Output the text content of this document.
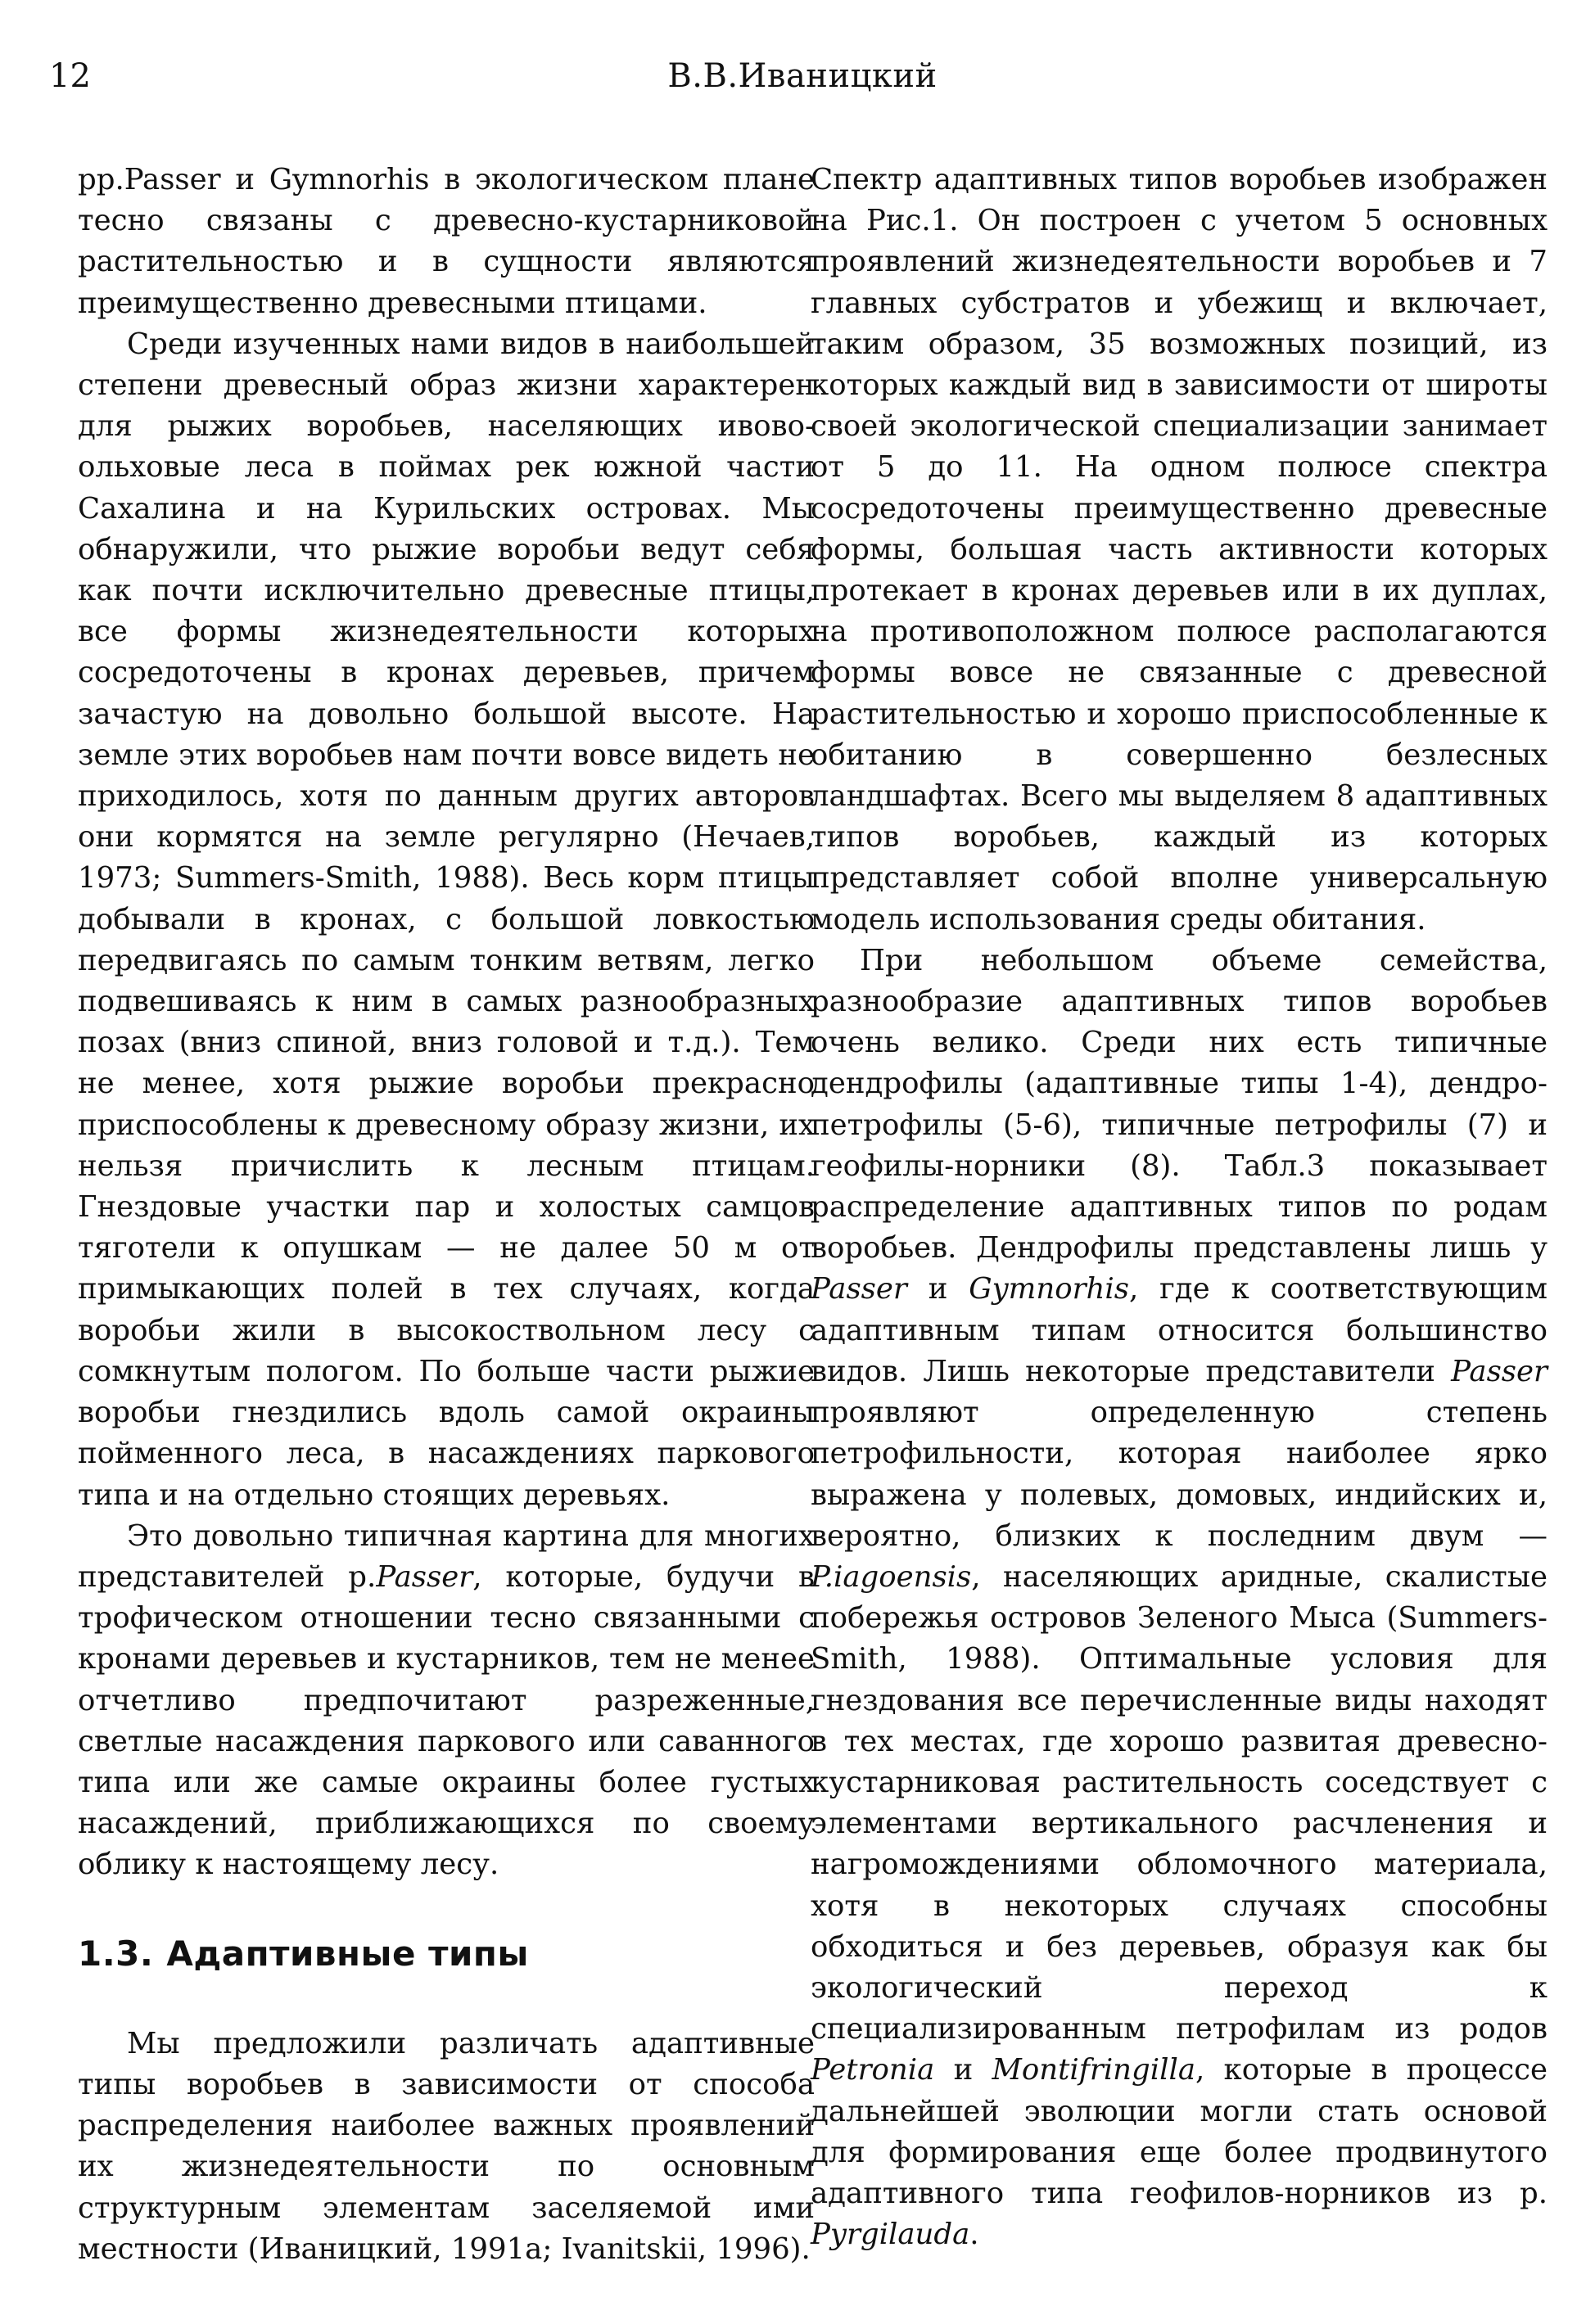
12	В.В.Иваницкий

рр.Passer и Gymnorhis в экологическом плане тесно связаны с древесно-кустарниковой растительностью и в сущности являются преимущественно древесными птицами.

Среди изученных нами видов в наибольшей степени древесный образ жизни характерен для рыжих воробьев, населяющих ивово-ольховые леса в поймах рек южной части Сахалина и на Курильских островах. Мы обнаружили, что рыжие воробьи ведут себя как почти исключительно древесные птицы, все формы жизнедеятельности которых сосредоточены в кронах деревьев, причем зачастую на довольно большой высоте. На земле этих воробьев нам почти вовсе видеть не приходилось, хотя по данным других авторов они кормятся на земле регулярно (Нечаев, 1973; Summers-Smith, 1988). Весь корм птицы добывали в кронах, с большой ловкостью передвигаясь по самым тонким ветвям, легко подвешиваясь к ним в самых разнообразных позах (вниз спиной, вниз головой и т.д.). Тем не менее, хотя рыжие воробьи прекрасно приспособлены к древесному образу жизни, их нельзя причислить к лесным птицам. Гнездовые участки пар и холостых самцов тяготели к опушкам — не далее 50 м от примыкающих полей в тех случаях, когда воробьи жили в высокоствольном лесу с сомкнутым пологом. По больше части рыжие воробьи гнездились вдоль самой окраины пойменного леса, в насаждениях паркового типа и на отдельно стоящих деревьях.

Это довольно типичная картина для многих представителей р.Passer, которые, будучи в трофическом отношении тесно связанными с кронами деревьев и кустарников, тем не менее отчетливо предпочитают разреженные, светлые насаждения паркового или саванного типа или же самые окраины более густых насаждений, приближающихся по своему облику к настоящему лесу.

1.3. Адаптивные типы

Мы предложили различать адаптивные типы воробьев в зависимости от способа распределения наиболее важных проявлений их жизнедеятельности по основным структурным элементам заселяемой ими местности (Иваницкий, 1991а; Ivanitskii, 1996).

Спектр адаптивных типов воробьев изображен на Рис.1. Он построен с учетом 5 основных проявлений жизнедеятельности воробьев и 7 главных субстратов и убежищ и включает, таким образом, 35 возможных позиций, из которых каждый вид в зависимости от широты своей экологической специализации занимает от 5 до 11. На одном полюсе спектра сосредоточены преимущественно древесные формы, большая часть активности которых протекает в кронах деревьев или в их дуплах, на противоположном полюсе располагаются формы вовсе не связанные с древесной растительностью и хорошо приспособленные к обитанию в совершенно безлесных ландшафтах. Всего мы выделяем 8 адаптивных типов воробьев, каждый из которых представляет собой вполне универсальную модель использования среды обитания.

При небольшом объеме семейства, разнообразие адаптивных типов воробьев очень велико. Среди них есть типичные дендрофилы (адаптивные типы 1-4), дендро-петрофилы (5-6), типичные петрофилы (7) и геофилы-норники (8). Табл.3 показывает распределение адаптивных типов по родам воробьев. Дендрофилы представлены лишь у Passer и Gymnorhis, где к соответствующим адаптивным типам относится большинство видов. Лишь некоторые представители Passer проявляют определенную степень петрофильности, которая наиболее ярко выражена у полевых, домовых, индийских и, вероятно, близких к последним двум — P.iagoensis, населяющих аридные, скалистые побережья островов Зеленого Мыса (Summers-Smith, 1988). Оптимальные условия для гнездования все перечисленные виды находят в тех местах, где хорошо развитая древесно-кустарниковая растительность соседствует с элементами вертикального расчленения и нагромождениями обломочного материала, хотя в некоторых случаях способны обходиться и без деревьев, образуя как бы экологический переход к специализированным петрофилам из родов Petronia и Montifringilla, которые в процессе дальнейшей эволюции могли стать основой для формирования еще более продвинутого адаптивного типа геофилов-норников из р. Pyrgilauda.
